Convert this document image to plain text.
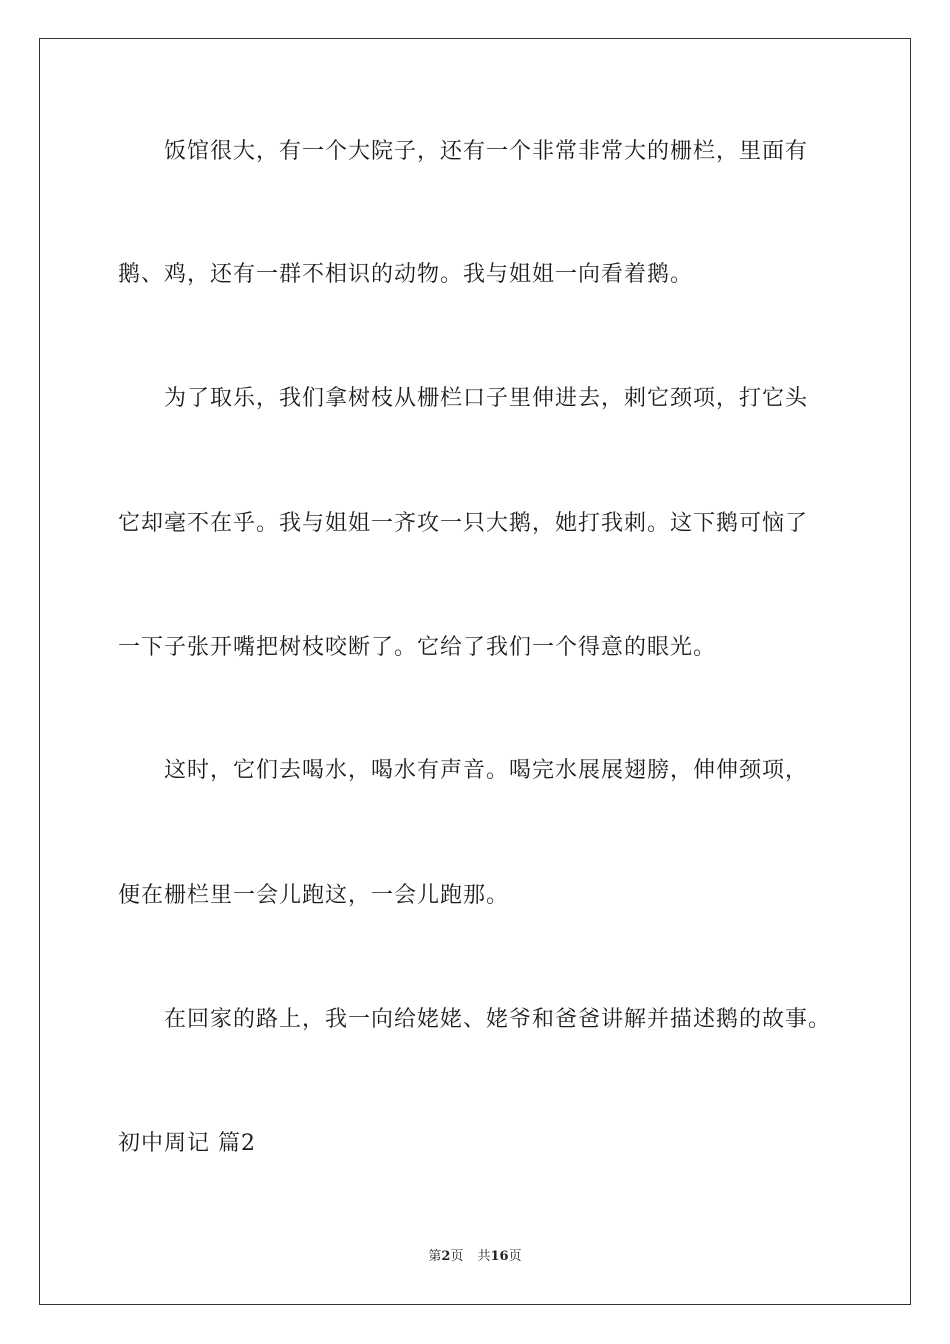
饭馆很大，有一个大院子，还有一个非常非常大的栅栏，里面有
鹅、鸡，还有一群不相识的动物。我与姐姐一向看着鹅。
为了取乐，我们拿树枝从栅栏口子里伸进去，刺它颈项，打它头
它却毫不在乎。我与姐姐一齐攻一只大鹅，她打我刺。这下鹅可恼了
一下子张开嘴把树枝咬断了。它给了我们一个得意的眼光。
这时，它们去喝水，喝水有声音。喝完水展展翅膀，伸伸颈项，
便在栅栏里一会儿跑这，一会儿跑那。
在回家的路上，我一向给姥姥、姥爷和爸爸讲解并描述鹅的故事。
初中周记 篇2
第2页 共16页
